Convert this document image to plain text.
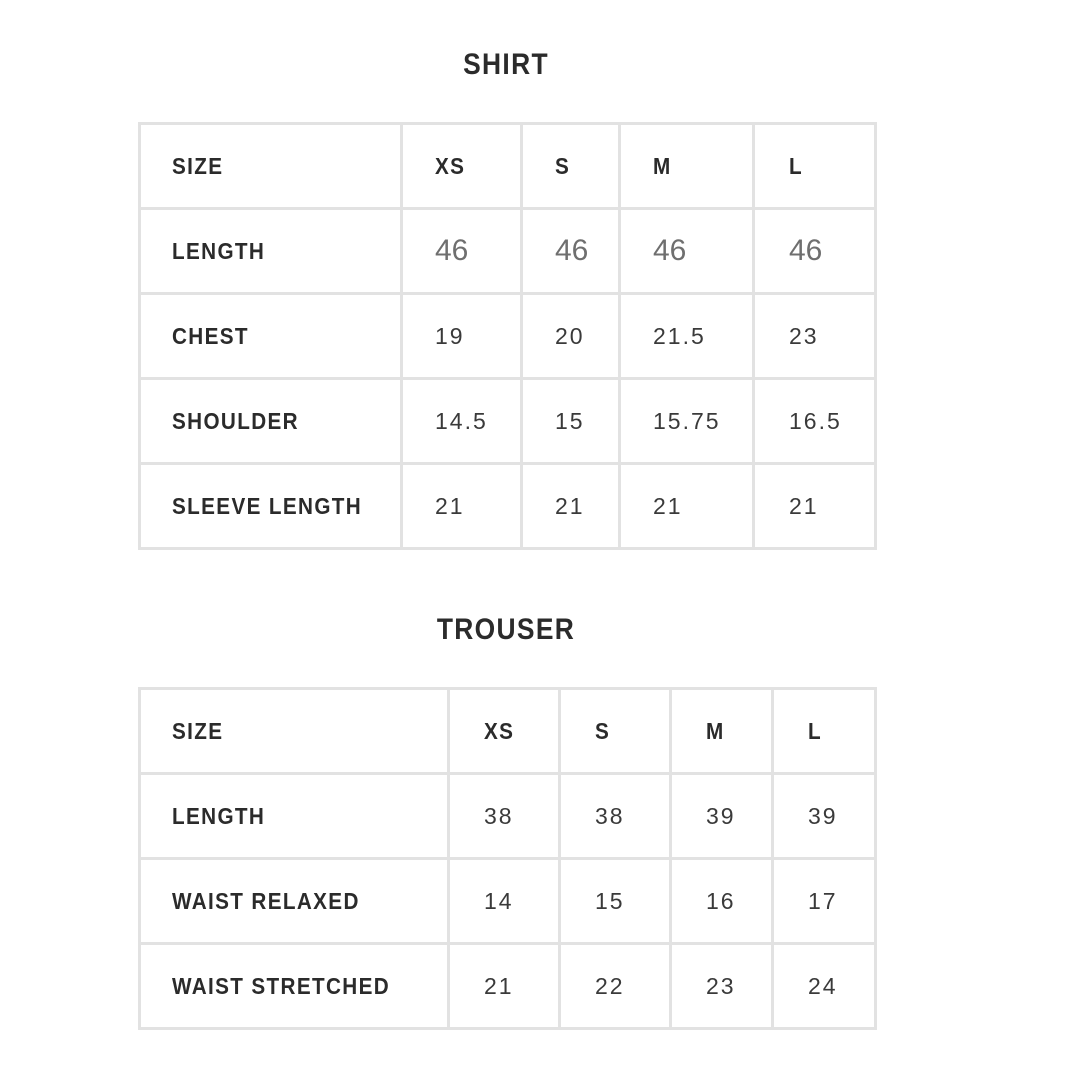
SHIRT
SIZE	XS	S	M	L
LENGTH	46	46	46	46
CHEST	19	20	21.5	23
SHOULDER	14.5	15	15.75	16.5
SLEEVE LENGTH	21	21	21	21
TROUSER
SIZE	XS	S	M	L
LENGTH	38	38	39	39
WAIST RELAXED	14	15	16	17
WAIST STRETCHED	21	22	23	24
